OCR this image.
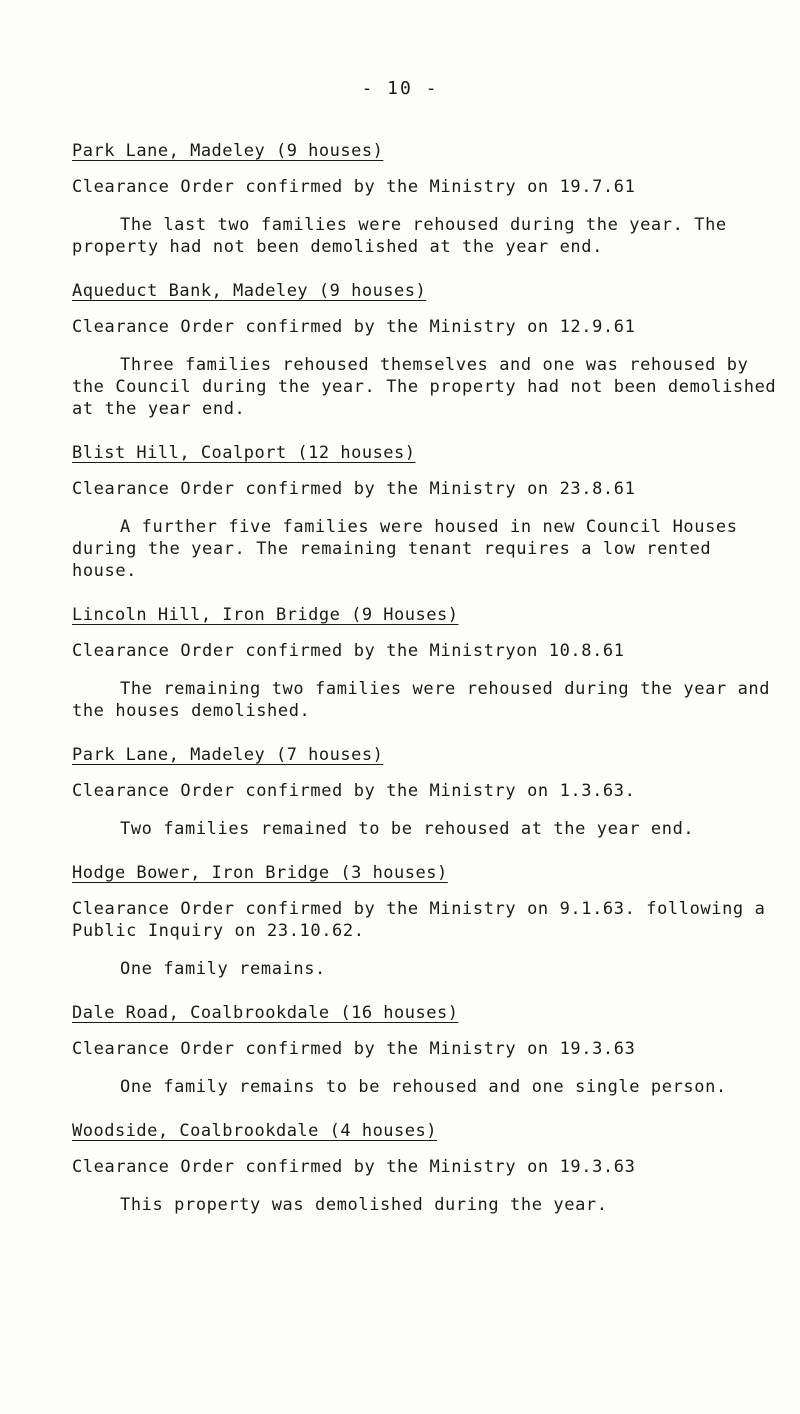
- 10 -
Park Lane, Madeley (9 houses)
Clearance Order confirmed by the Ministry on 19.7.61
The last two families were rehoused during the year. The property had not been demolished at the year end.
Aqueduct Bank, Madeley (9 houses)
Clearance Order confirmed by the Ministry on 12.9.61
Three families rehoused themselves and one was rehoused by the Council during the year. The property had not been demolished at the year end.
Blist Hill, Coalport (12 houses)
Clearance Order confirmed by the Ministry on 23.8.61
A further five families were housed in new Council Houses during the year. The remaining tenant requires a low rented house.
Lincoln Hill, Iron Bridge (9 Houses)
Clearance Order confirmed by the Ministryon 10.8.61
The remaining two families were rehoused during the year and the houses demolished.
Park Lane, Madeley (7 houses)
Clearance Order confirmed by the Ministry on 1.3.63.
Two families remained to be rehoused at the year end.
Hodge Bower, Iron Bridge (3 houses)
Clearance Order confirmed by the Ministry on 9.1.63. following a Public Inquiry on 23.10.62.
One family remains.
Dale Road, Coalbrookdale (16 houses)
Clearance Order confirmed by the Ministry on 19.3.63
One family remains to be rehoused and one single person.
Woodside, Coalbrookdale (4 houses)
Clearance Order confirmed by the Ministry on 19.3.63
This property was demolished during the year.
